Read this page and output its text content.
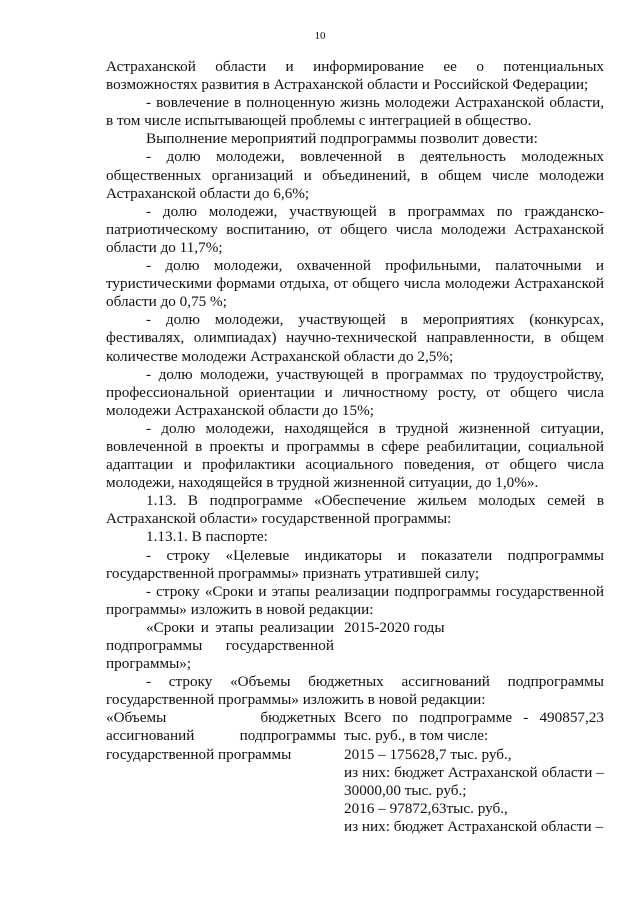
10

Астраханской области и информирование ее о потенциальных возможностях развития в Астраханской области и Российской Федерации;

- вовлечение в полноценную жизнь молодежи Астраханской области, в том числе испытывающей проблемы с интеграцией в общество.

Выполнение мероприятий подпрограммы позволит довести:

- долю молодежи, вовлеченной в деятельность молодежных общественных организаций и объединений, в общем числе молодежи Астраханской области до 6,6%;

- долю молодежи, участвующей в программах по гражданско-патриотическому воспитанию, от общего числа молодежи Астраханской области до 11,7%;

- долю молодежи, охваченной профильными, палаточными и туристическими формами отдыха, от общего числа молодежи Астраханской области до 0,75 %;

- долю молодежи, участвующей в мероприятиях (конкурсах, фестивалях, олимпиадах) научно-технической направленности, в общем количестве молодежи Астраханской области до 2,5%;

- долю молодежи, участвующей в программах по трудоустройству, профессиональной ориентации и личностному росту, от общего числа молодежи Астраханской области до 15%;

- долю молодежи, находящейся в трудной жизненной ситуации, вовлеченной в проекты и программы в сфере реабилитации, социальной адаптации и профилактики асоциального поведения, от общего числа молодежи, находящейся в трудной жизненной ситуации, до 1,0%».

1.13. В подпрограмме «Обеспечение жильем молодых семей в Астраханской области» государственной программы:

1.13.1. В паспорте:

- строку «Целевые индикаторы и показатели подпрограммы государственной программы» признать утратившей силу;

- строку «Сроки и этапы реализации подпрограммы государственной программы» изложить в новой редакции:

«Сроки и этапы реализации подпрограммы государственной программы»;
2015-2020 годы

- строку «Объемы бюджетных ассигнований подпрограммы государственной программы» изложить в новой редакции:

«Объемы бюджетных ассигнований подпрограммы государственной программы
Всего по подпрограмме - 490857,23 тыс. руб., в том числе:
2015 – 175628,7 тыс. руб.,
из них: бюджет Астраханской области – 30000,00 тыс. руб.;
2016 – 97872,63тыс. руб.,
из них: бюджет Астраханской области –
